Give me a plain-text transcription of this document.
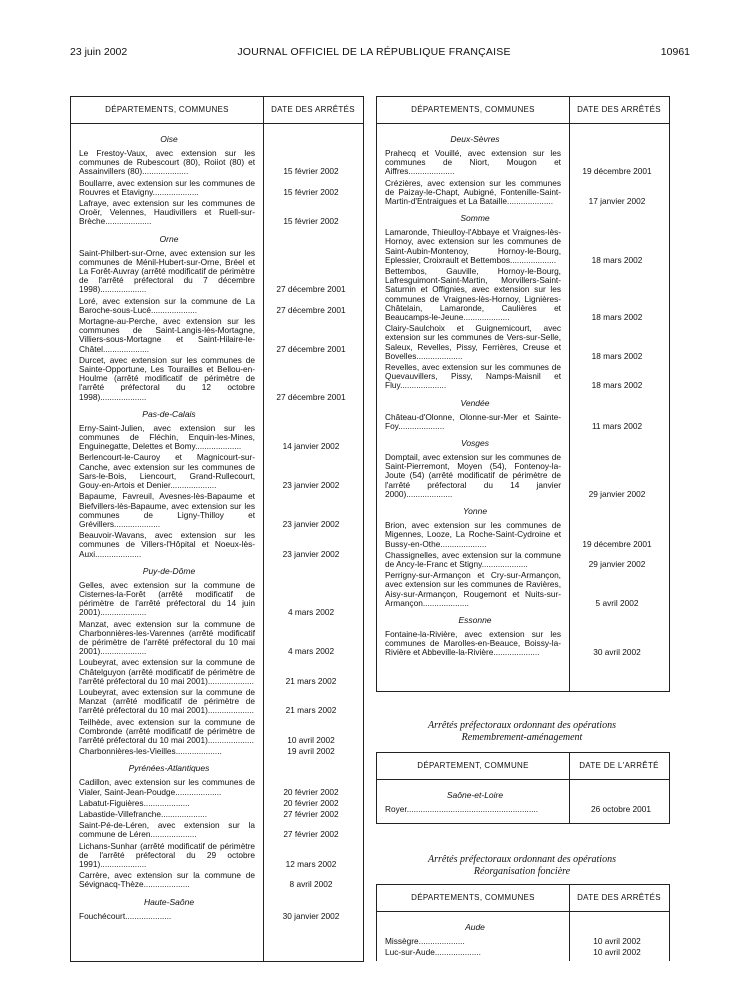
23 juin 2002	JOURNAL OFFICIEL DE LA RÉPUBLIQUE FRANÇAISE	10961
DÉPARTEMENTS, COMMUNES	DATE DES ARRÊTÉS
Oise
Le Frestoy-Vaux, avec extension sur les communes de Rubescourt (80), Roiiot (80) et Assainvillers (80)....................	15 février 2002
Boullarre, avec extension sur les communes de Rouvres et Etavigny....................	15 février 2002
Lafraye, avec extension sur les communes de Oroër, Velennes, Haudivillers et Ruell-sur-Brèche....................	15 février 2002
Orne
Saint-Philbert-sur-Orne, avec extension sur les communes de Ménil-Hubert-sur-Orne, Bréel et La Forêt-Auvray (arrêté modificatif de périmètre de l'arrêté préfectoral du 7 décembre 1998)....................	27 décembre 2001
Loré, avec extension sur la commune de La Baroche-sous-Lucé....................	27 décembre 2001
Mortagne-au-Perche, avec extension sur les communes de Saint-Langis-lès-Mortagne, Villiers-sous-Mortagne et Saint-Hilaire-le-Châtel....................	27 décembre 2001
Durcet, avec extension sur les communes de Sainte-Opportune, Les Tourailles et Bellou-en-Houlme (arrêté modificatif de périmètre de l'arrêté préfectoral du 12 octobre 1998)....................	27 décembre 2001
Pas-de-Calais
Erny-Saint-Julien, avec extension sur les communes de Fléchin, Enquin-les-Mines, Enguinegatte, Delettes et Bomy....................	14 janvier 2002
Berlencourt-le-Cauroy et Magnicourt-sur-Canche, avec extension sur les communes de Sars-le-Bois, Liencourt, Grand-Rullecourt, Gouy-en-Artois et Denier....................	23 janvier 2002
Bapaume, Favreuil, Avesnes-lès-Bapaume et Biefvillers-lès-Bapaume, avec extension sur les communes de Ligny-Thilloy et Grévillers....................	23 janvier 2002
Beauvoir-Wavans, avec extension sur les communes de Villers-l'Hôpital et Noeux-lès-Auxi....................	23 janvier 2002
Puy-de-Dôme
Gelles, avec extension sur la commune de Cisternes-la-Forêt (arrêté modificatif de périmètre de l'arrêté préfectoral du 14 juin 2001)....................	4 mars 2002
Manzat, avec extension sur la commune de Charbonnières-les-Varennes (arrêté modificatif de périmètre de l'arrêté préfectoral du 10 mai 2001)....................	4 mars 2002
Loubeyrat, avec extension sur la commune de Châtelguyon (arrêté modificatif de périmètre de l'arrêté préfectoral du 10 mai 2001)....................	21 mars 2002
Loubeyrat, avec extension sur la commune de Manzat (arrêté modificatif de périmètre de l'arrêté préfectoral du 10 mai 2001)....................	21 mars 2002
Teilhède, avec extension sur la commune de Combronde (arrêté modificatif de périmètre de l'arrêté préfectoral du 10 mai 2001)....................	10 avril 2002
Charbonnières-les-Vieilles....................	19 avril 2002
Pyrénées-Atlantiques
Cadillon, avec extension sur les communes de Vialer, Saint-Jean-Poudge....................	20 février 2002
Labatut-Figuières....................	20 février 2002
Labastide-Villefranche....................	27 février 2002
Saint-Pé-de-Léren, avec extension sur la commune de Léren....................	27 février 2002
Lichans-Sunhar (arrêté modificatif de périmètre de l'arrêté préfectoral du 29 octobre 1991)....................	12 mars 2002
Carrère, avec extension sur la commune de Sévignacq-Thèze....................	8 avril 2002
Haute-Saône
Fouchécourt....................	30 janvier 2002
DÉPARTEMENTS, COMMUNES	DATE DES ARRÊTÉS
Deux-Sèvres
Prahecq et Vouillé, avec extension sur les communes de Niort, Mougon et Aiffres....................	19 décembre 2001
Crézières, avec extension sur les communes de Paizay-le-Chapt, Aubigné, Fontenille-Saint-Martin-d'Entraigues et La Bataille....................	17 janvier 2002
Somme
Lamaronde, Thieulloy-l'Abbaye et Vraignes-lès-Hornoy, avec extension sur les communes de Saint-Aubin-Montenoy, Hornoy-le-Bourg, Eplessier, Croixrault et Bettembos....................	18 mars 2002
Bettembos, Gauville, Hornoy-le-Bourg, Lafresguimont-Saint-Martin, Morvillers-Saint-Saturnin et Offignies, avec extension sur les communes de Vraignes-lès-Hornoy, Lignières-Châtelain, Lamaronde, Caulières et Beaucamps-le-Jeune....................	18 mars 2002
Clairy-Saulchoix et Guignemicourt, avec extension sur les communes de Vers-sur-Selle, Saleux, Revelles, Pissy, Ferrières, Creuse et Bovelles....................	18 mars 2002
Revelles, avec extension sur les communes de Quevauvillers, Pissy, Namps-Maisnil et Fluy....................	18 mars 2002
Vendée
Château-d'Olonne, Olonne-sur-Mer et Sainte-Foy....................	11 mars 2002
Vosges
Domptail, avec extension sur les communes de Saint-Pierremont, Moyen (54), Fontenoy-la-Joute (54) (arrêté modificatif de périmètre de l'arrêté préfectoral du 14 janvier 2000)....................	29 janvier 2002
Yonne
Brion, avec extension sur les communes de Migennes, Looze, La Roche-Saint-Cydroine et Bussy-en-Othe....................	19 décembre 2001
Chassignelles, avec extension sur la commune de Ancy-le-Franc et Stigny....................	29 janvier 2002
Perrigny-sur-Armançon et Cry-sur-Armançon, avec extension sur les communes de Ravières, Aisy-sur-Armançon, Rougemont et Nuits-sur-Armançon....................	5 avril 2002
Essonne
Fontaine-la-Rivière, avec extension sur les communes de Marolles-en-Beauce, Boissy-la-Rivière et Abbeville-la-Rivière....................	30 avril 2002
Arrêtés préfectoraux ordonnant des opérations
Remembrement-aménagement
DÉPARTEMENT, COMMUNE	DATE DE L'ARRÊTÉ
Saône-et-Loire
Royer.........................................................	26 octobre 2001
Arrêtés préfectoraux ordonnant des opérations
Réorganisation foncière
DÉPARTEMENTS, COMMUNES	DATE DES ARRÊTÉS
Aude
Missègre....................	10 avril 2002
Luc-sur-Aude....................	10 avril 2002
